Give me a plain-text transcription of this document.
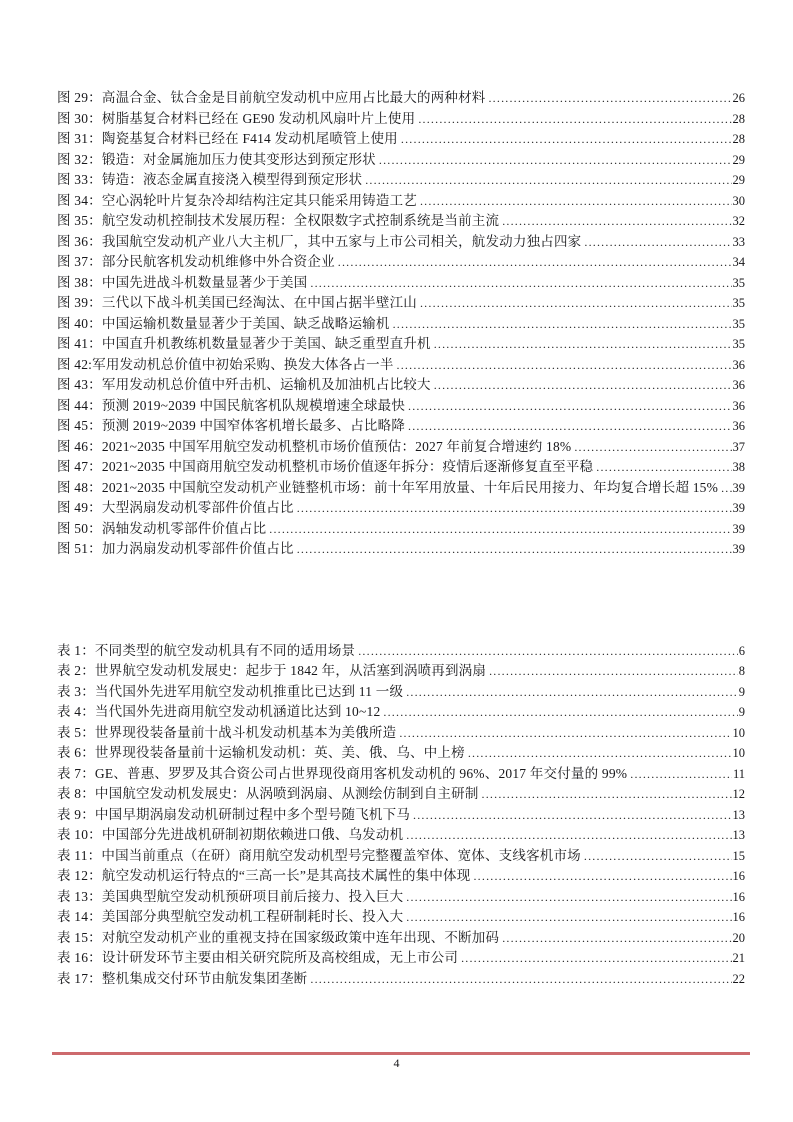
图 29：高温合金、钛合金是目前航空发动机中应用占比最大的两种材料 .....	26
图 30：树脂基复合材料已经在 GE90 发动机风扇叶片上使用 .....	28
图 31：陶瓷基复合材料已经在 F414 发动机尾喷管上使用 .....	28
图 32：锻造：对金属施加压力使其变形达到预定形状 .....	29
图 33：铸造：液态金属直接浇入模型得到预定形状 .....	29
图 34：空心涡轮叶片复杂冷却结构注定其只能采用铸造工艺 .....	30
图 35：航空发动机控制技术发展历程：全权限数字式控制系统是当前主流 .....	32
图 36：我国航空发动机产业八大主机厂，其中五家与上市公司相关，航发动力独占四家 .....	33
图 37：部分民航客机发动机维修中外合资企业 .....	34
图 38：中国先进战斗机数量显著少于美国 .....	35
图 39：三代以下战斗机美国已经淘汰、在中国占据半壁江山 .....	35
图 40：中国运输机数量显著少于美国、缺乏战略运输机 .....	35
图 41：中国直升机教练机数量显著少于美国、缺乏重型直升机 .....	35
图 42:军用发动机总价值中初始采购、换发大体各占一半 .....	36
图 43：军用发动机总价值中歼击机、运输机及加油机占比较大 .....	36
图 44：预测 2019~2039 中国民航客机队规模增速全球最快 .....	36
图 45：预测 2019~2039 中国窄体客机增长最多、占比略降 .....	36
图 46：2021~2035 中国军用航空发动机整机市场价值预估：2027 年前复合增速约 18% .....	37
图 47：2021~2035 中国商用航空发动机整机市场价值逐年拆分：疫情后逐渐修复直至平稳 .....	38
图 48：2021~2035 中国航空发动机产业链整机市场：前十年军用放量、十年后民用接力、年均复合增长超 15% ..... 39
图 49：大型涡扇发动机零部件价值占比 .....	39
图 50：涡轴发动机零部件价值占比 .....	39
图 51：加力涡扇发动机零部件价值占比 .....	39
表 1：不同类型的航空发动机具有不同的适用场景 .....	6
表 2：世界航空发动机发展史：起步于 1842 年，从活塞到涡喷再到涡扇 .....	8
表 3：当代国外先进军用航空发动机推重比已达到 11 一级 .....	9
表 4：当代国外先进商用航空发动机涵道比达到 10~12 .....	9
表 5：世界现役装备量前十战斗机发动机基本为美俄所造 .....	10
表 6：世界现役装备量前十运输机发动机：英、美、俄、乌、中上榜 .....	10
表 7：GE、普惠、罗罗及其合资公司占世界现役商用客机发动机的 96%、2017 年交付量的 99% .....	11
表 8：中国航空发动机发展史：从涡喷到涡扇、从测绘仿制到自主研制 .....	12
表 9：中国早期涡扇发动机研制过程中多个型号随飞机下马 .....	13
表 10：中国部分先进战机研制初期依赖进口俄、乌发动机 .....	13
表 11：中国当前重点（在研）商用航空发动机型号完整覆盖窄体、宽体、支线客机市场 .....	15
表 12：航空发动机运行特点的“三高一长”是其高技术属性的集中体现 .....	16
表 13：美国典型航空发动机预研项目前后接力、投入巨大 .....	16
表 14：美国部分典型航空发动机工程研制耗时长、投入大 .....	16
表 15：对航空发动机产业的重视支持在国家级政策中连年出现、不断加码 .....	20
表 16：设计研发环节主要由相关研究院所及高校组成，无上市公司 .....	21
表 17：整机集成交付环节由航发集团垄断 .....	22
4
